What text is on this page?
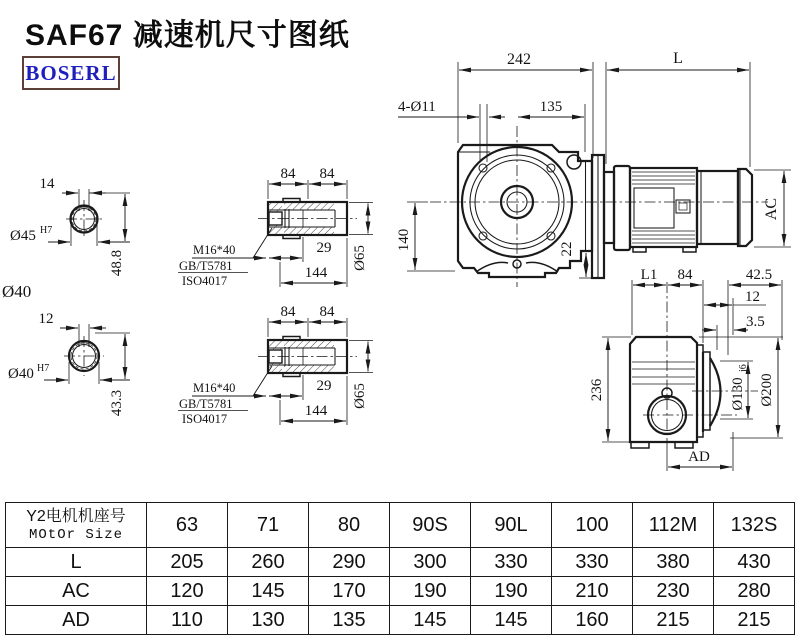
SAF67 减速机尺寸图纸
BOSERL
242	L
4-Ø11	135
140	22
AC
14
Ø45 H7
48.8
Ø40
12
Ø40 H7
43.3
84 84
29
144
Ø65
M16*40
GB/T5781
ISO4017
84 84
29
144
Ø65
M16*40
GB/T5781
ISO4017
L1 84	42.5
12
3.5
236
AD
Ø130
j6
Ø200
Y2电机机座号
MOtOr Size	63	71	80	90S	90L	100	112M	132S
L	205	260	290	300	330	330	380	430
AC	120	145	170	190	190	210	230	280
AD	110	130	135	145	145	160	215	215
